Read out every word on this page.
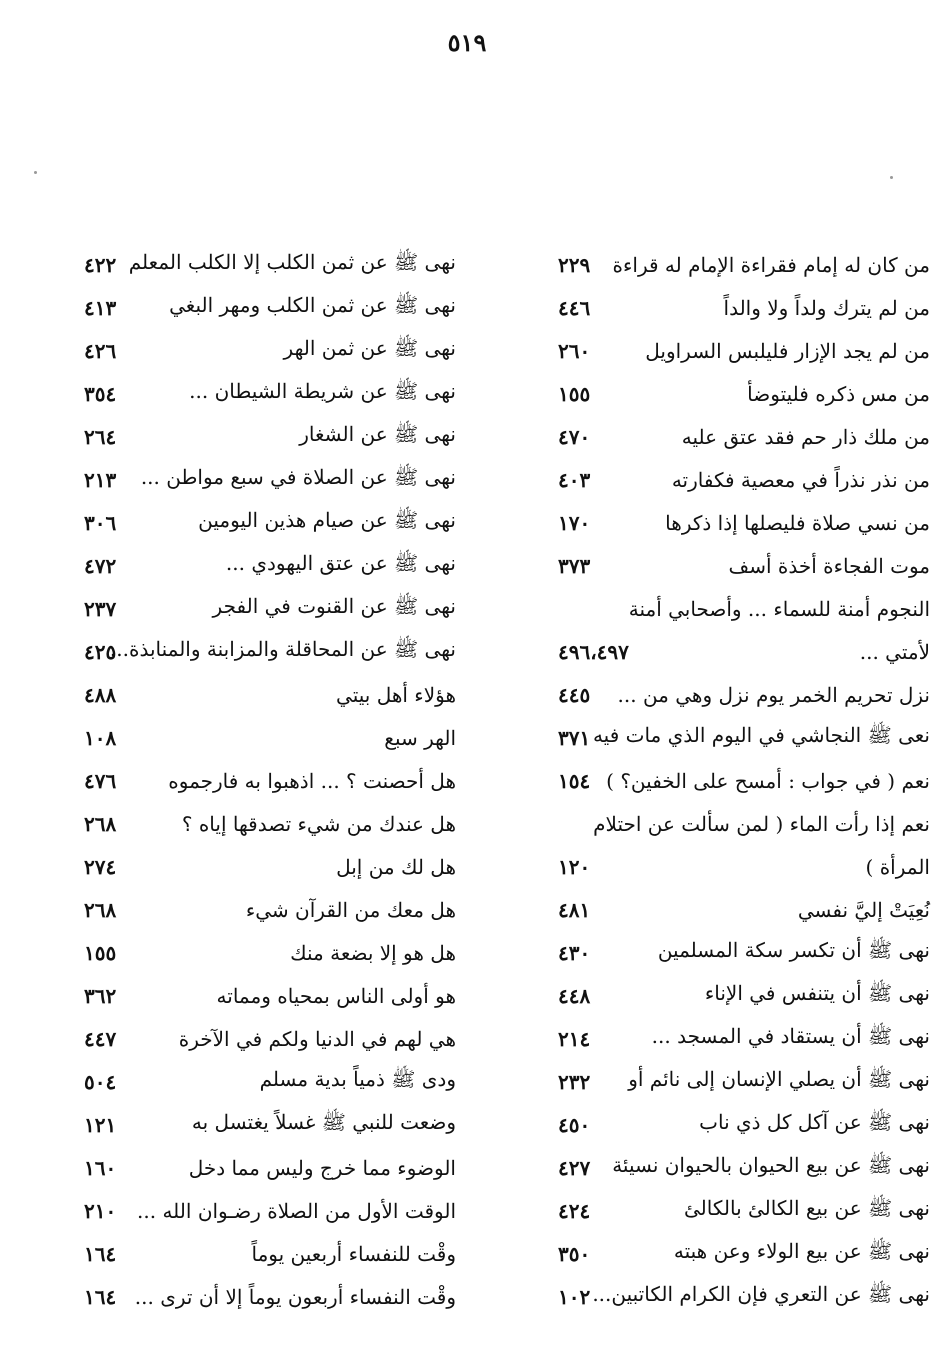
٥١٩
من كان له إمام فقراءة الإمام له قراءة
٢٢٩
من لم يترك ولداً ولا والداً
٤٤٦
من لم يجد الإزار فليلبس السراويل
٢٦٠
من مس ذكره فليتوضأ
١٥٥
من ملك ذار حم فقد عتق عليه
٤٧٠
من نذر نذراً في معصية فكفارته
٤٠٣
من نسي صلاة فليصلها إذا ذكرها
١٧٠
موت الفجاءة أخذة أسف
٣٧٣
النجوم أمنة للسماء ... وأصحابي أمنة
لأمتي ...
٤٩٦،٤٩٧
نزل تحريم الخمر يوم نزل وهي من ...
٤٤٥
نعى ﷺ النجاشي في اليوم الذي مات فيه
٣٧١
نعم ( في جواب : أمسح على الخفين؟ )
١٥٤
نعم إذا رأت الماء ( لمن سألت عن احتلام
المرأة )
١٢٠
نُعِيَتْ إليَّ نفسي
٤٨١
نهى ﷺ أن تكسر سكة المسلمين
٤٣٠
نهى ﷺ أن يتنفس في الإناء
٤٤٨
نهى ﷺ أن يستقاد في المسجد ...
٢١٤
نهى ﷺ أن يصلي الإنسان إلى نائم أو
٢٣٢
نهى ﷺ عن آكل كل ذي ناب
٤٥٠
نهى ﷺ عن بيع الحيوان بالحيوان نسيئة
٤٢٧
نهى ﷺ عن بيع الكالئ بالكالئ
٤٢٤
نهى ﷺ عن بيع الولاء وعن هبته
٣٥٠
نهى ﷺ عن التعري فإن الكرام الكاتبين...
١٠٢
نهى ﷺ عن ثمن الكلب إلا الكلب المعلم
٤٢٢
نهى ﷺ عن ثمن الكلب ومهر البغي
٤١٣
نهى ﷺ عن ثمن الهر
٤٢٦
نهى ﷺ عن شريطة الشيطان ...
٣٥٤
نهى ﷺ عن الشغار
٢٦٤
نهى ﷺ عن الصلاة في سبع مواطن ...
٢١٣
نهى ﷺ عن صيام هذين اليومين
٣٠٦
نهى ﷺ عن عتق اليهودي ...
٤٧٢
نهى ﷺ عن القنوت في الفجر
٢٣٧
نهى ﷺ عن المحاقلة والمزابنة والمنابذة...
٤٢٥
هؤلاء أهل بيتي
٤٨٨
الهر سبع
١٠٨
هل أحصنت ؟ ... اذهبوا به فارجموه
٤٧٦
هل عندك من شيء تصدقها إياه ؟
٢٦٨
هل لك من إبل
٢٧٤
هل معك من القرآن شيء
٢٦٨
هل هو إلا بضعة منك
١٥٥
هو أولى الناس بمحياه ومماته
٣٦٢
هي لهم في الدنيا ولكم في الآخرة
٤٤٧
ودى ﷺ ذمياً بدية مسلم
٥٠٤
وضعت للنبي ﷺ غسلاً يغتسل به
١٢١
الوضوء مما خرج وليس مما دخل
١٦٠
الوقت الأول من الصلاة رضـوان الله ...
٢١٠
وقْت للنفساء أربعين يوماً
١٦٤
وقْت النفساء أربعون يوماً إلا أن ترى ...
١٦٤
